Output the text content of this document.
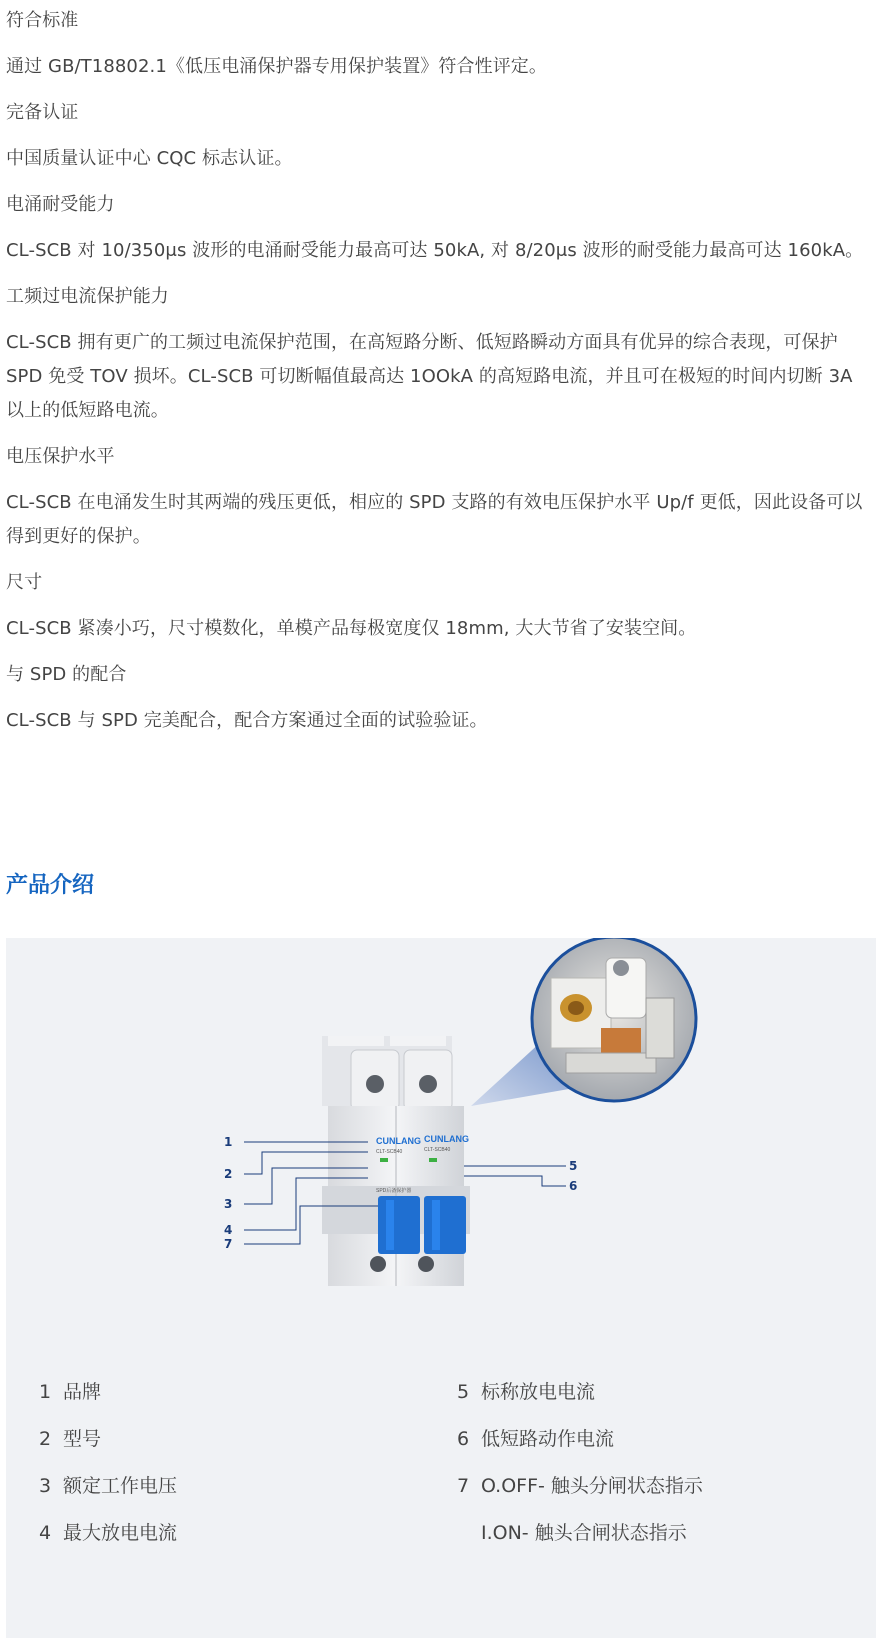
符合标准

通过 GB/T18802.1《低压电涌保护器专用保护装置》符合性评定。

完备认证

中国质量认证中心 CQC 标志认证。

电涌耐受能力

CL-SCB 对 10/350μs 波形的电涌耐受能力最高可达 50kA, 对 8/20μs 波形的耐受能力最高可达 160kA。

工频过电流保护能力

CL-SCB 拥有更广的工频过电流保护范围，在高短路分断、低短路瞬动方面具有优异的综合表现，可保护 SPD 免受 TOV 损坏。CL-SCB 可切断幅值最高达 1OOkA 的高短路电流，并且可在极短的时间内切断 3A 以上的低短路电流。

电压保护水平

CL-SCB 在电涌发生时其两端的残压更低，相应的 SPD 支路的有效电压保护水平 Up/f 更低，因此设备可以得到更好的保护。

尺寸

CL-SCB 紧凑小巧，尺寸模数化，单模产品每极宽度仅 18mm, 大大节省了安装空间。

与 SPD 的配合

CL-SCB 与 SPD 完美配合，配合方案通过全面的试验验证。

产品介绍
CUNLANG CUNLANG
CLT-SCB40	CLT-SCB40
SPD后备保护器
1
2
3
4
7
5
6
1 品牌	5 标称放电电流
2 型号	6 低短路动作电流
3 额定工作电压	7 O.OFF- 触头分闸状态指示
4 最大放电电流	I.ON- 触头合闸状态指示
